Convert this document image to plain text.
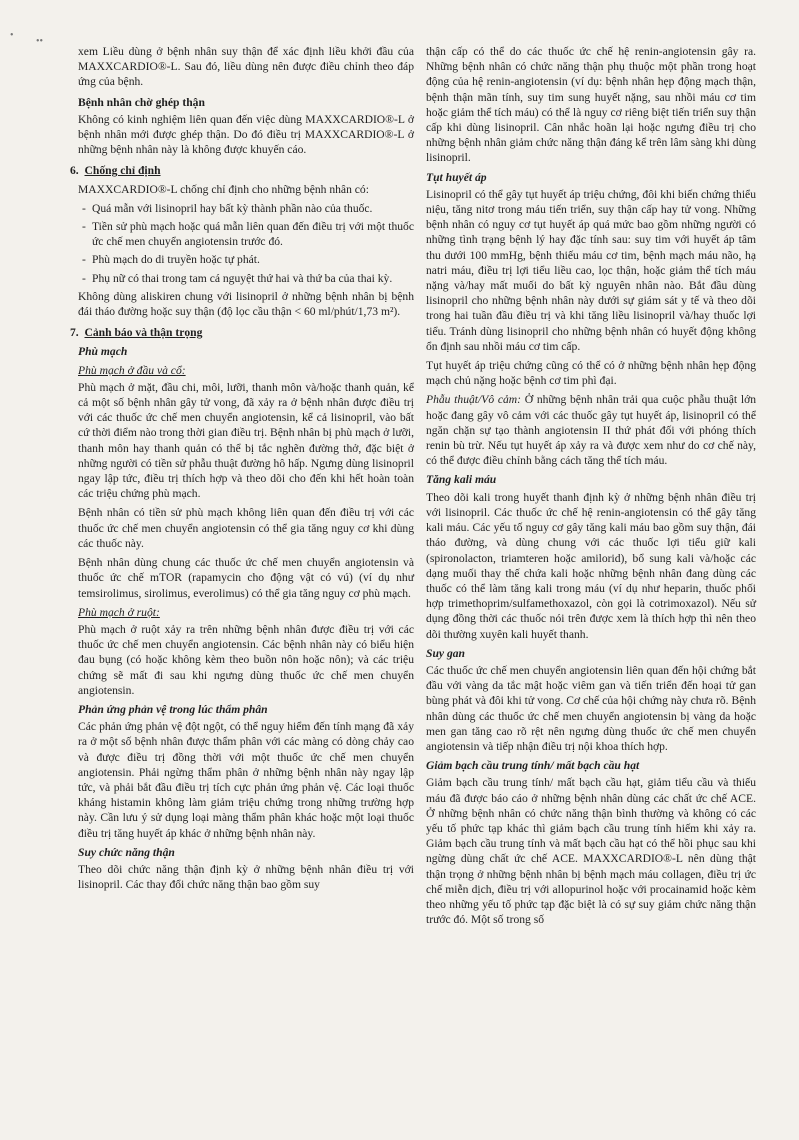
•
••

xem Liều dùng ở bệnh nhân suy thận để xác định liều khởi đầu của MAXXCARDIO®-L. Sau đó, liều dùng nên được điều chỉnh theo đáp ứng của bệnh.

Bệnh nhân chờ ghép thận

Không có kinh nghiệm liên quan đến việc dùng MAXXCARDIO®-L ở bệnh nhân mới được ghép thận. Do đó điều trị MAXXCARDIO®-L ở những bệnh nhân này là không được khuyến cáo.

6. Chống chỉ định

MAXXCARDIO®-L chống chỉ định cho những bệnh nhân có:

- Quá mẫn với lisinopril hay bất kỳ thành phần nào của thuốc.
- Tiền sử phù mạch hoặc quá mẫn liên quan đến điều trị với một thuốc ức chế men chuyển angiotensin trước đó.
- Phù mạch do di truyền hoặc tự phát.
- Phụ nữ có thai trong tam cá nguyệt thứ hai và thứ ba của thai kỳ.

Không dùng aliskiren chung với lisinopril ở những bệnh nhân bị bệnh đái tháo đường hoặc suy thận (độ lọc cầu thận < 60 ml/phút/1,73 m²).

7. Cảnh báo và thận trọng
Phù mạch
Phù mạch ở đầu và cổ:

Phù mạch ở mặt, đầu chi, môi, lưỡi, thanh môn và/hoặc thanh quản, kể cả một số bệnh nhân gây tử vong, đã xảy ra ở bệnh nhân được điều trị với các thuốc ức chế men chuyển angiotensin, kể cả lisinopril, vào bất cứ thời điểm nào trong thời gian điều trị. Bệnh nhân bị phù mạch ở lưỡi, thanh môn hay thanh quản có thể bị tắc nghẽn đường thở, đặc biệt ở những người có tiền sử phẫu thuật đường hô hấp. Ngưng dùng lisinopril ngay lập tức, điều trị thích hợp và theo dõi cho đến khi hết hoàn toàn các triệu chứng phù mạch.

Bệnh nhân có tiền sử phù mạch không liên quan đến điều trị với các thuốc ức chế men chuyển angiotensin có thể gia tăng nguy cơ khi dùng các thuốc này.

Bệnh nhân dùng chung các thuốc ức chế men chuyển angiotensin và thuốc ức chế mTOR (rapamycin cho động vật có vú) (ví dụ như temsirolimus, sirolimus, everolimus) có thể gia tăng nguy cơ phù mạch.

Phù mạch ở ruột:

Phù mạch ở ruột xảy ra trên những bệnh nhân được điều trị với các thuốc ức chế men chuyển angiotensin. Các bệnh nhân này có biểu hiện đau bụng (có hoặc không kèm theo buồn nôn hoặc nôn); và các triệu chứng sẽ mất đi sau khi ngưng dùng thuốc ức chế men chuyển angiotensin.

Phản ứng phản vệ trong lúc thẩm phân

Các phản ứng phản vệ đột ngột, có thể nguy hiểm đến tính mạng đã xảy ra ở một số bệnh nhân được thẩm phân với các màng có dòng chảy cao và được điều trị đồng thời với một thuốc ức chế men chuyển angiotensin. Phải ngừng thẩm phân ở những bệnh nhân này ngay lập tức, và phải bắt đầu điều trị tích cực phản ứng phản vệ. Các loại thuốc kháng histamin không làm giảm triệu chứng trong những trường hợp này. Cần lưu ý sử dụng loại màng thẩm phân khác hoặc một loại thuốc điều trị tăng huyết áp khác ở những bệnh nhân này.

Suy chức năng thận

Theo dõi chức năng thận định kỳ ở những bệnh nhân điều trị với lisinopril. Các thay đổi chức năng thận bao gồm suy

thận cấp có thể do các thuốc ức chế hệ renin-angiotensin gây ra. Những bệnh nhân có chức năng thận phụ thuộc một phần trong hoạt động của hệ renin-angiotensin (ví dụ: bệnh nhân hẹp động mạch thận, bệnh thận mãn tính, suy tim sung huyết nặng, sau nhồi máu cơ tim hoặc giảm thể tích máu) có thể là nguy cơ riêng biệt tiến triển suy thận cấp khi dùng lisinopril. Cân nhắc hoãn lại hoặc ngưng điều trị cho những bệnh nhân giảm chức năng thận đáng kể trên lâm sàng khi dùng lisinopril.

Tụt huyết áp

Lisinopril có thể gây tụt huyết áp triệu chứng, đôi khi biến chứng thiểu niệu, tăng nitơ trong máu tiến triển, suy thận cấp hay tử vong. Những bệnh nhân có nguy cơ tụt huyết áp quá mức bao gồm những người có những tình trạng bệnh lý hay đặc tính sau: suy tim với huyết áp tâm thu dưới 100 mmHg, bệnh thiếu máu cơ tim, bệnh mạch máu não, hạ natri máu, điều trị lợi tiểu liều cao, lọc thận, hoặc giảm thể tích máu nặng và/hay mất muối do bất kỳ nguyên nhân nào. Bắt đầu dùng lisinopril cho những bệnh nhân này dưới sự giám sát y tế và theo dõi trong hai tuần đầu điều trị và khi tăng liều lisinopril và/hay thuốc lợi tiểu. Tránh dùng lisinopril cho những bệnh nhân có huyết động không ổn định sau nhồi máu cơ tim cấp.

Tụt huyết áp triệu chứng cũng có thể có ở những bệnh nhân hẹp động mạch chủ nặng hoặc bệnh cơ tim phì đại.

Phẫu thuật/Vô cảm: Ở những bệnh nhân trải qua cuộc phẫu thuật lớn hoặc đang gây vô cảm với các thuốc gây tụt huyết áp, lisinopril có thể ngăn chặn sự tạo thành angiotensin II thứ phát đối với phóng thích renin bù trừ. Nếu tụt huyết áp xảy ra và được xem như do cơ chế này, có thể được điều chỉnh bằng cách tăng thể tích máu.

Tăng kali máu

Theo dõi kali trong huyết thanh định kỳ ở những bệnh nhân điều trị với lisinopril. Các thuốc ức chế hệ renin-angiotensin có thể gây tăng kali máu. Các yếu tố nguy cơ gây tăng kali máu bao gồm suy thận, đái tháo đường, và dùng chung với các thuốc lợi tiểu giữ kali (spironolacton, triamteren hoặc amilorid), bổ sung kali và/hoặc các dạng muối thay thế chứa kali hoặc những bệnh nhân đang dùng các thuốc có thể làm tăng kali trong máu (ví dụ như heparin, thuốc phối hợp trimethoprim/sulfamethoxazol, còn gọi là cotrimoxazol). Nếu sử dụng đồng thời các thuốc nói trên được xem là thích hợp thì nên theo dõi thường xuyên kali huyết thanh.

Suy gan

Các thuốc ức chế men chuyển angiotensin liên quan đến hội chứng bắt đầu với vàng da tắc mật hoặc viêm gan và tiến triển đến hoại tử gan bùng phát và đôi khi tử vong. Cơ chế của hội chứng này chưa rõ. Bệnh nhân dùng các thuốc ức chế men chuyển angiotensin bị vàng da hoặc men gan tăng cao rõ rệt nên ngưng dùng thuốc ức chế men chuyển angiotensin và tiếp nhận điều trị nội khoa thích hợp.

Giảm bạch cầu trung tính/ mất bạch cầu hạt

Giảm bạch cầu trung tính/ mất bạch cầu hạt, giảm tiểu cầu và thiếu máu đã được báo cáo ở những bệnh nhân dùng các chất ức chế ACE. Ở những bệnh nhân có chức năng thận bình thường và không có các yếu tố phức tạp khác thì giảm bạch cầu trung tính hiếm khi xảy ra. Giảm bạch cầu trung tính và mất bạch cầu hạt có thể hồi phục sau khi ngừng dùng chất ức chế ACE. MAXXCARDIO®-L nên dùng thật thận trọng ở những bệnh nhân bị bệnh mạch máu collagen, điều trị ức chế miễn dịch, điều trị với allopurinol hoặc với procainamid hoặc kèm theo những yếu tố phức tạp đặc biệt là có sự suy giảm chức năng thận trước đó. Một số trong số
